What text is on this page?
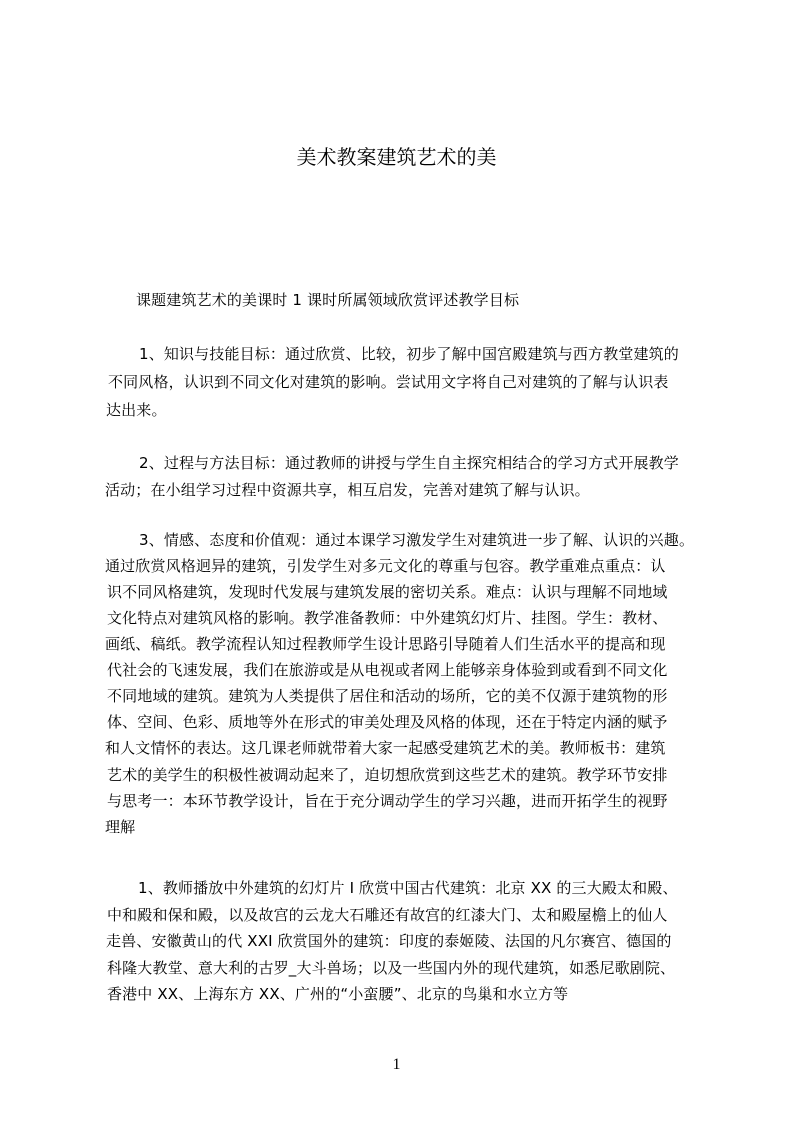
美术教案建筑艺术的美
课题建筑艺术的美课时 1 课时所属领域欣赏评述教学目标
1、知识与技能目标：通过欣赏、比较，初步了解中国宫殿建筑与西方教堂建筑的
不同风格，认识到不同文化对建筑的影响。尝试用文字将自己对建筑的了解与认识表
达出来。
2、过程与方法目标：通过教师的讲授与学生自主探究相结合的学习方式开展教学
活动；在小组学习过程中资源共享，相互启发，完善对建筑了解与认识。
3、情感、态度和价值观：通过本课学习激发学生对建筑进一步了解、认识的兴趣。
通过欣赏风格迥异的建筑，引发学生对多元文化的尊重与包容。教学重难点重点：认
识不同风格建筑，发现时代发展与建筑发展的密切关系。难点：认识与理解不同地域
文化特点对建筑风格的影响。教学准备教师：中外建筑幻灯片、挂图。学生：教材、
画纸、稿纸。教学流程认知过程教师学生设计思路引导随着人们生活水平的提高和现
代社会的飞速发展，我们在旅游或是从电视或者网上能够亲身体验到或看到不同文化
不同地域的建筑。建筑为人类提供了居住和活动的场所，它的美不仅源于建筑物的形
体、空间、色彩、质地等外在形式的审美处理及风格的体现，还在于特定内涵的赋予
和人文情怀的表达。这几课老师就带着大家一起感受建筑艺术的美。教师板书：建筑
艺术的美学生的积极性被调动起来了，迫切想欣赏到这些艺术的建筑。教学环节安排
与思考一：本环节教学设计，旨在于充分调动学生的学习兴趣，进而开拓学生的视野
理解
1、教师播放中外建筑的幻灯片 I 欣赏中国古代建筑：北京 XX 的三大殿太和殿、
中和殿和保和殿，以及故宫的云龙大石雕还有故宫的红漆大门、太和殿屋檐上的仙人
走兽、安徽黄山的代 XXI 欣赏国外的建筑：印度的泰姬陵、法国的凡尔赛宫、德国的
科隆大教堂、意大利的古罗_大斗兽场；以及一些国内外的现代建筑，如悉尼歌剧院、
香港中 XX、上海东方 XX、广州的“小蛮腰”、北京的鸟巢和水立方等
1
